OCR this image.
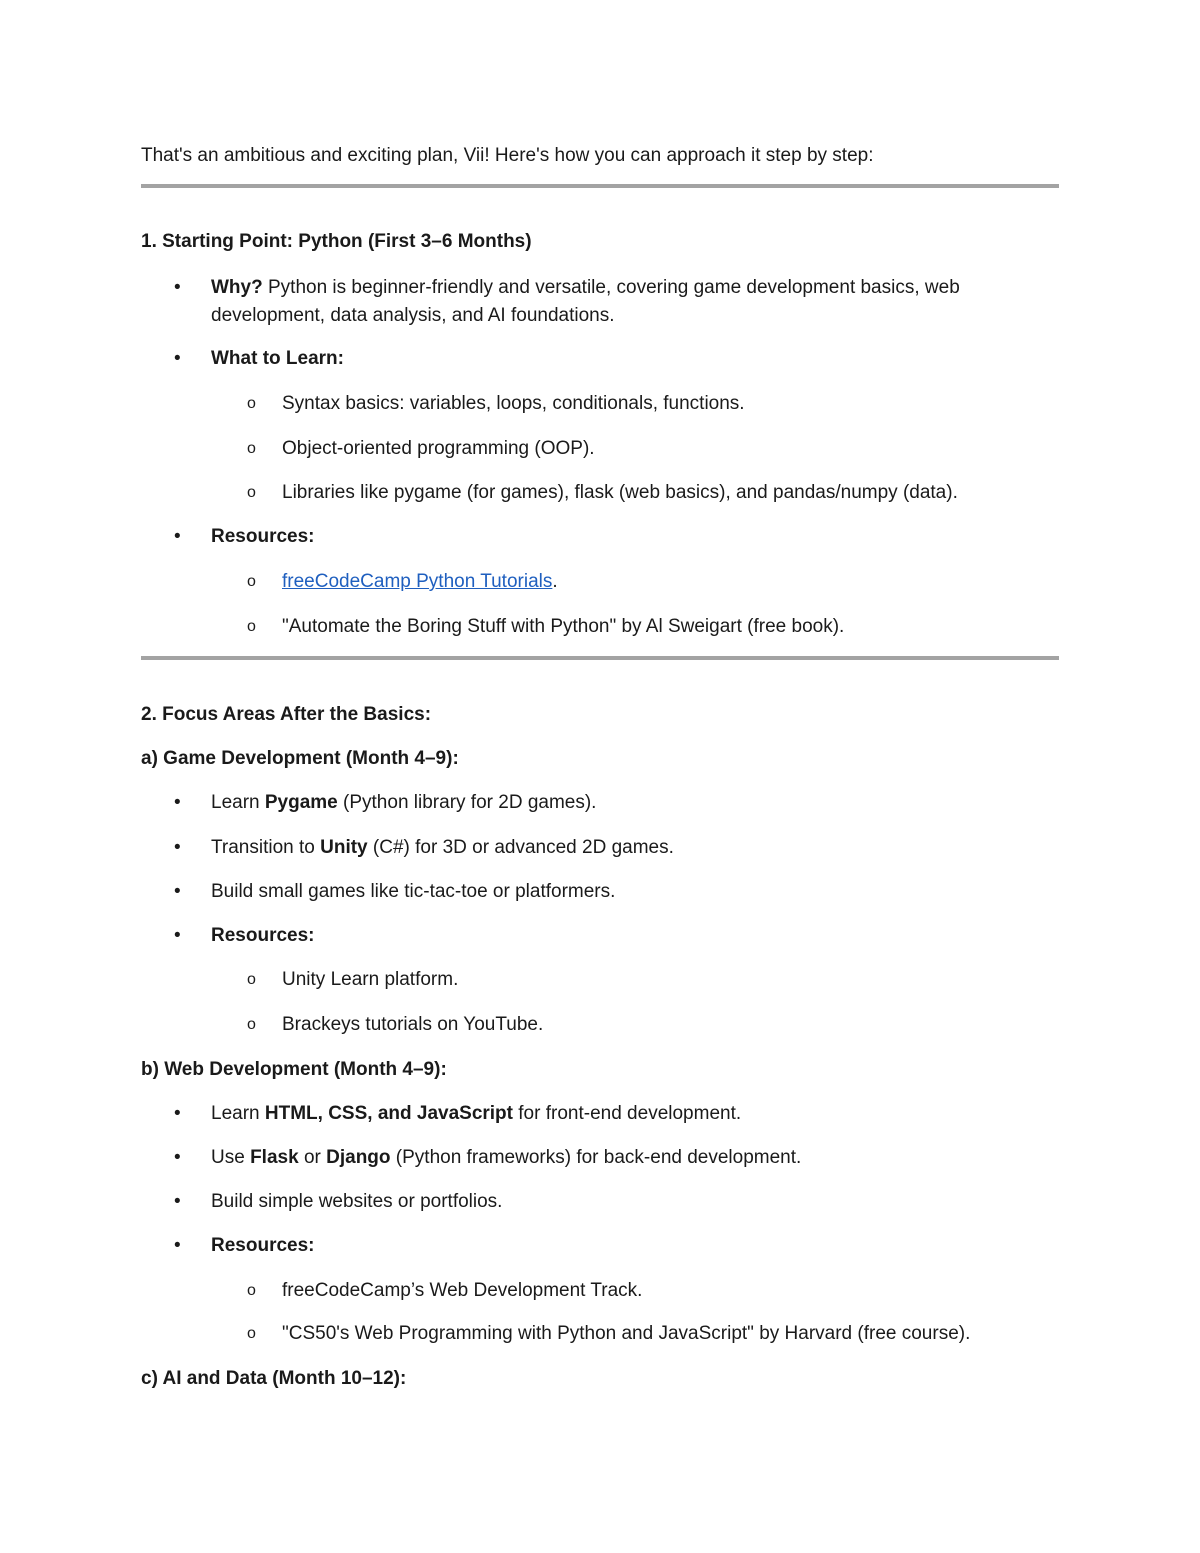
That's an ambitious and exciting plan, Vii! Here's how you can approach it step by step:
1. Starting Point: Python (First 3–6 Months)
• Why? Python is beginner-friendly and versatile, covering game development basics, web
development, data analysis, and AI foundations.
• What to Learn:
o Syntax basics: variables, loops, conditionals, functions.
o Object-oriented programming (OOP).
o Libraries like pygame (for games), flask (web basics), and pandas/numpy (data).
• Resources:
o freeCodeCamp Python Tutorials.
o "Automate the Boring Stuff with Python" by Al Sweigart (free book).
2. Focus Areas After the Basics:
a) Game Development (Month 4–9):
• Learn Pygame (Python library for 2D games).
• Transition to Unity (C#) for 3D or advanced 2D games.
• Build small games like tic-tac-toe or platformers.
• Resources:
o Unity Learn platform.
o Brackeys tutorials on YouTube.
b) Web Development (Month 4–9):
• Learn HTML, CSS, and JavaScript for front-end development.
• Use Flask or Django (Python frameworks) for back-end development.
• Build simple websites or portfolios.
• Resources:
o freeCodeCamp’s Web Development Track.
o "CS50's Web Programming with Python and JavaScript" by Harvard (free course).
c) AI and Data (Month 10–12):
